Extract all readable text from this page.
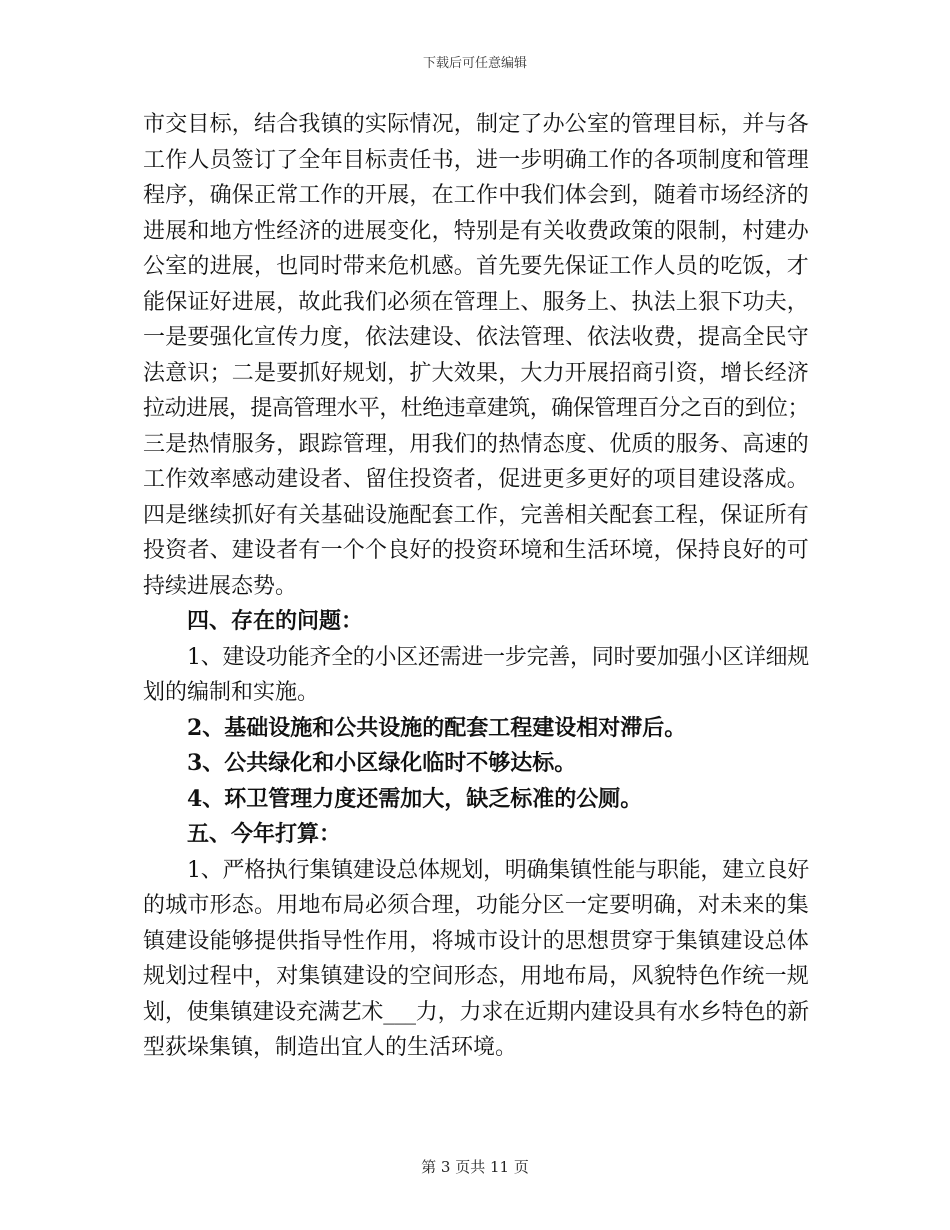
下载后可任意编辑

市交目标，结合我镇的实际情况，制定了办公室的管理目标，并与各

工作人员签订了全年目标责任书，进一步明确工作的各项制度和管理

程序，确保正常工作的开展，在工作中我们体会到，随着市场经济的

进展和地方性经济的进展变化，特别是有关收费政策的限制，村建办

公室的进展，也同时带来危机感。首先要先保证工作人员的吃饭，才

能保证好进展，故此我们必须在管理上、服务上、执法上狠下功夫，

一是要强化宣传力度，依法建设、依法管理、依法收费，提高全民守

法意识；二是要抓好规划，扩大效果，大力开展招商引资，增长经济

拉动进展，提高管理水平，杜绝违章建筑，确保管理百分之百的到位；

三是热情服务，跟踪管理，用我们的热情态度、优质的服务、高速的

工作效率感动建设者、留住投资者，促进更多更好的项目建设落成。

四是继续抓好有关基础设施配套工作，完善相关配套工程，保证所有

投资者、建设者有一个个良好的投资环境和生活环境，保持良好的可

持续进展态势。

四、存在的问题：

1、建设功能齐全的小区还需进一步完善，同时要加强小区详细规

划的编制和实施。

2、基础设施和公共设施的配套工程建设相对滞后。

3、公共绿化和小区绿化临时不够达标。

4、环卫管理力度还需加大，缺乏标准的公厕。

五、今年打算：

1、严格执行集镇建设总体规划，明确集镇性能与职能，建立良好

的城市形态。用地布局必须合理，功能分区一定要明确，对未来的集

镇建设能够提供指导性作用，将城市设计的思想贯穿于集镇建设总体

规划过程中，对集镇建设的空间形态，用地布局，风貌特色作统一规

划，使集镇建设充满艺术___力，力求在近期内建设具有水乡特色的新

型荻垛集镇，制造出宜人的生活环境。

第 3 页共 11 页
